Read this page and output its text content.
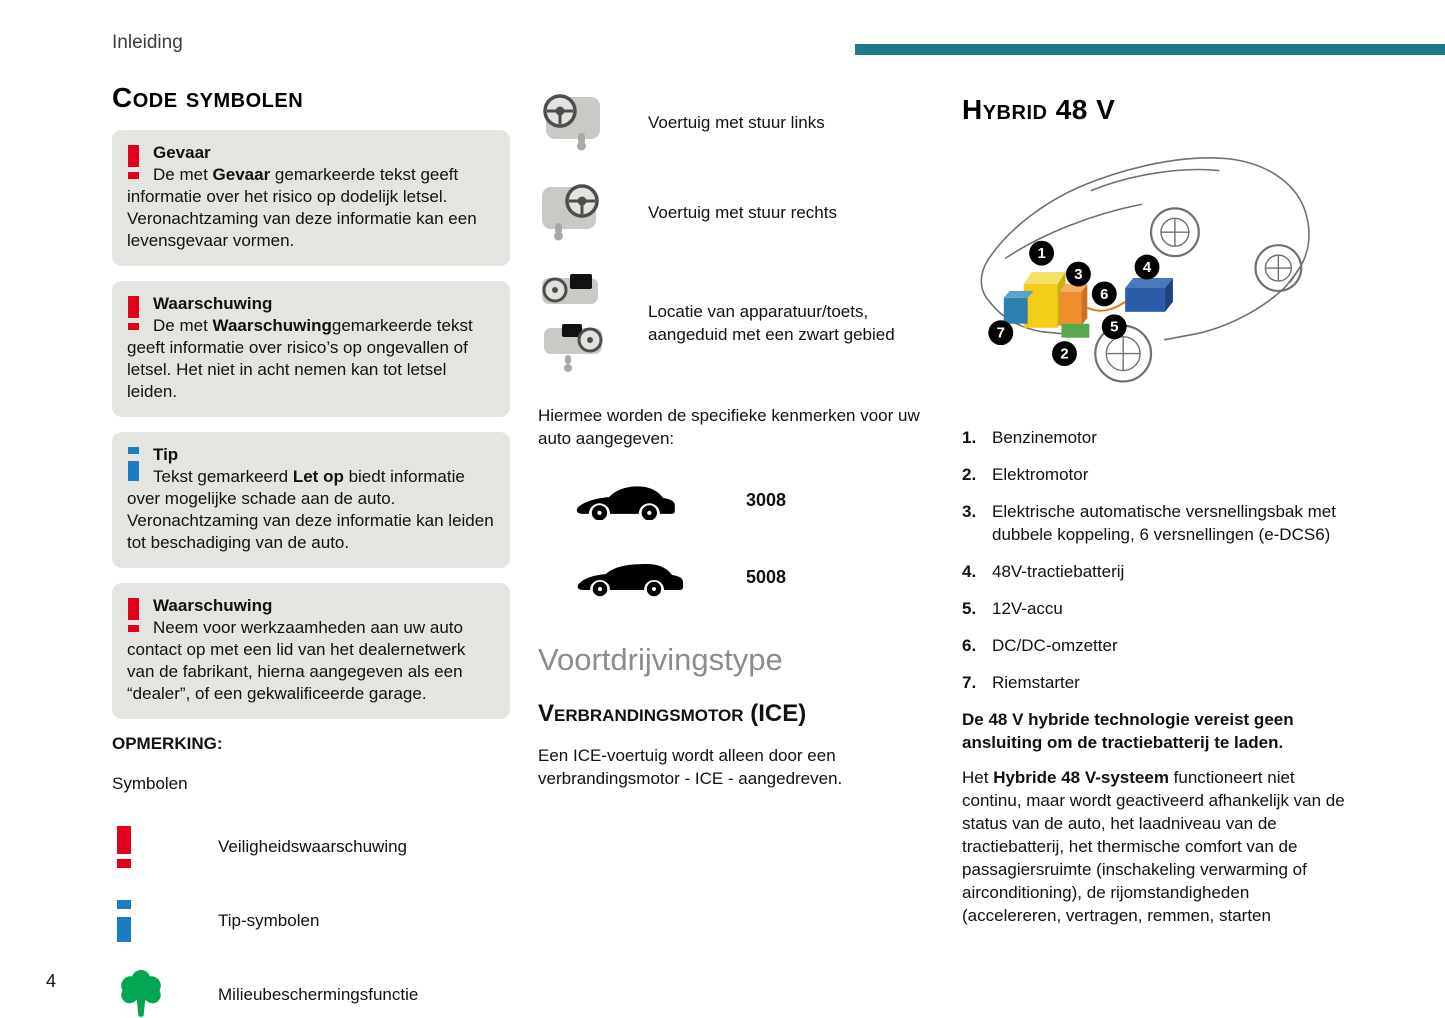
Inleiding
Code symbolen
Gevaar

De met Gevaar gemarkeerde tekst geeft informatie over het risico op dodelijk letsel. Veronachtzaming van deze informatie kan een levensgevaar vormen.

Waarschuwing

De met Waarschuwinggemarkeerde tekst geeft informatie over risico’s op ongevallen of letsel. Het niet in acht nemen kan tot letsel leiden.

Tip

Tekst gemarkeerd Let op biedt informatie over mogelijke schade aan de auto. Veronachtzaming van deze informatie kan leiden tot beschadiging van de auto.

Waarschuwing

Neem voor werkzaamheden aan uw auto contact op met een lid van het dealernetwerk van de fabrikant, hierna aangegeven als een “dealer”, of een gekwalificeerde garage.

OPMERKING:
Symbolen
Veiligheidswaarschuwing
Tip-symbolen
Milieubeschermingsfunctie
Voertuig met stuur links
Voertuig met stuur rechts
Locatie van apparatuur/toets, aangeduid met een zwart gebied

Hiermee worden de specifieke kenmerken voor uw auto aangegeven:

3008
5008
Voortdrijvingstype
Verbrandingsmotor (ICE)

Een ICE-voertuig wordt alleen door een verbrandingsmotor - ICE - aangedreven.

Hybrid 48 V
1
3
6
4
7	5
2
1. Benzinemotor
2. Elektromotor
3. Elektrische automatische versnellingsbak met dubbele koppeling, 6 versnellingen (e-DCS6)
4. 48V-tractiebatterij
5. 12V-accu
6. DC/DC-omzetter
7. Riemstarter

De 48 V hybride technologie vereist geen ansluiting om de tractiebatterij te laden.

Het Hybride 48 V-systeem functioneert niet continu, maar wordt geactiveerd afhankelijk van de status van de auto, het laadniveau van de tractiebatterij, het thermische comfort van de passagiersruimte (inschakeling verwarming of airconditioning), de rijomstandigheden (accelereren, vertragen, remmen, starten

4
